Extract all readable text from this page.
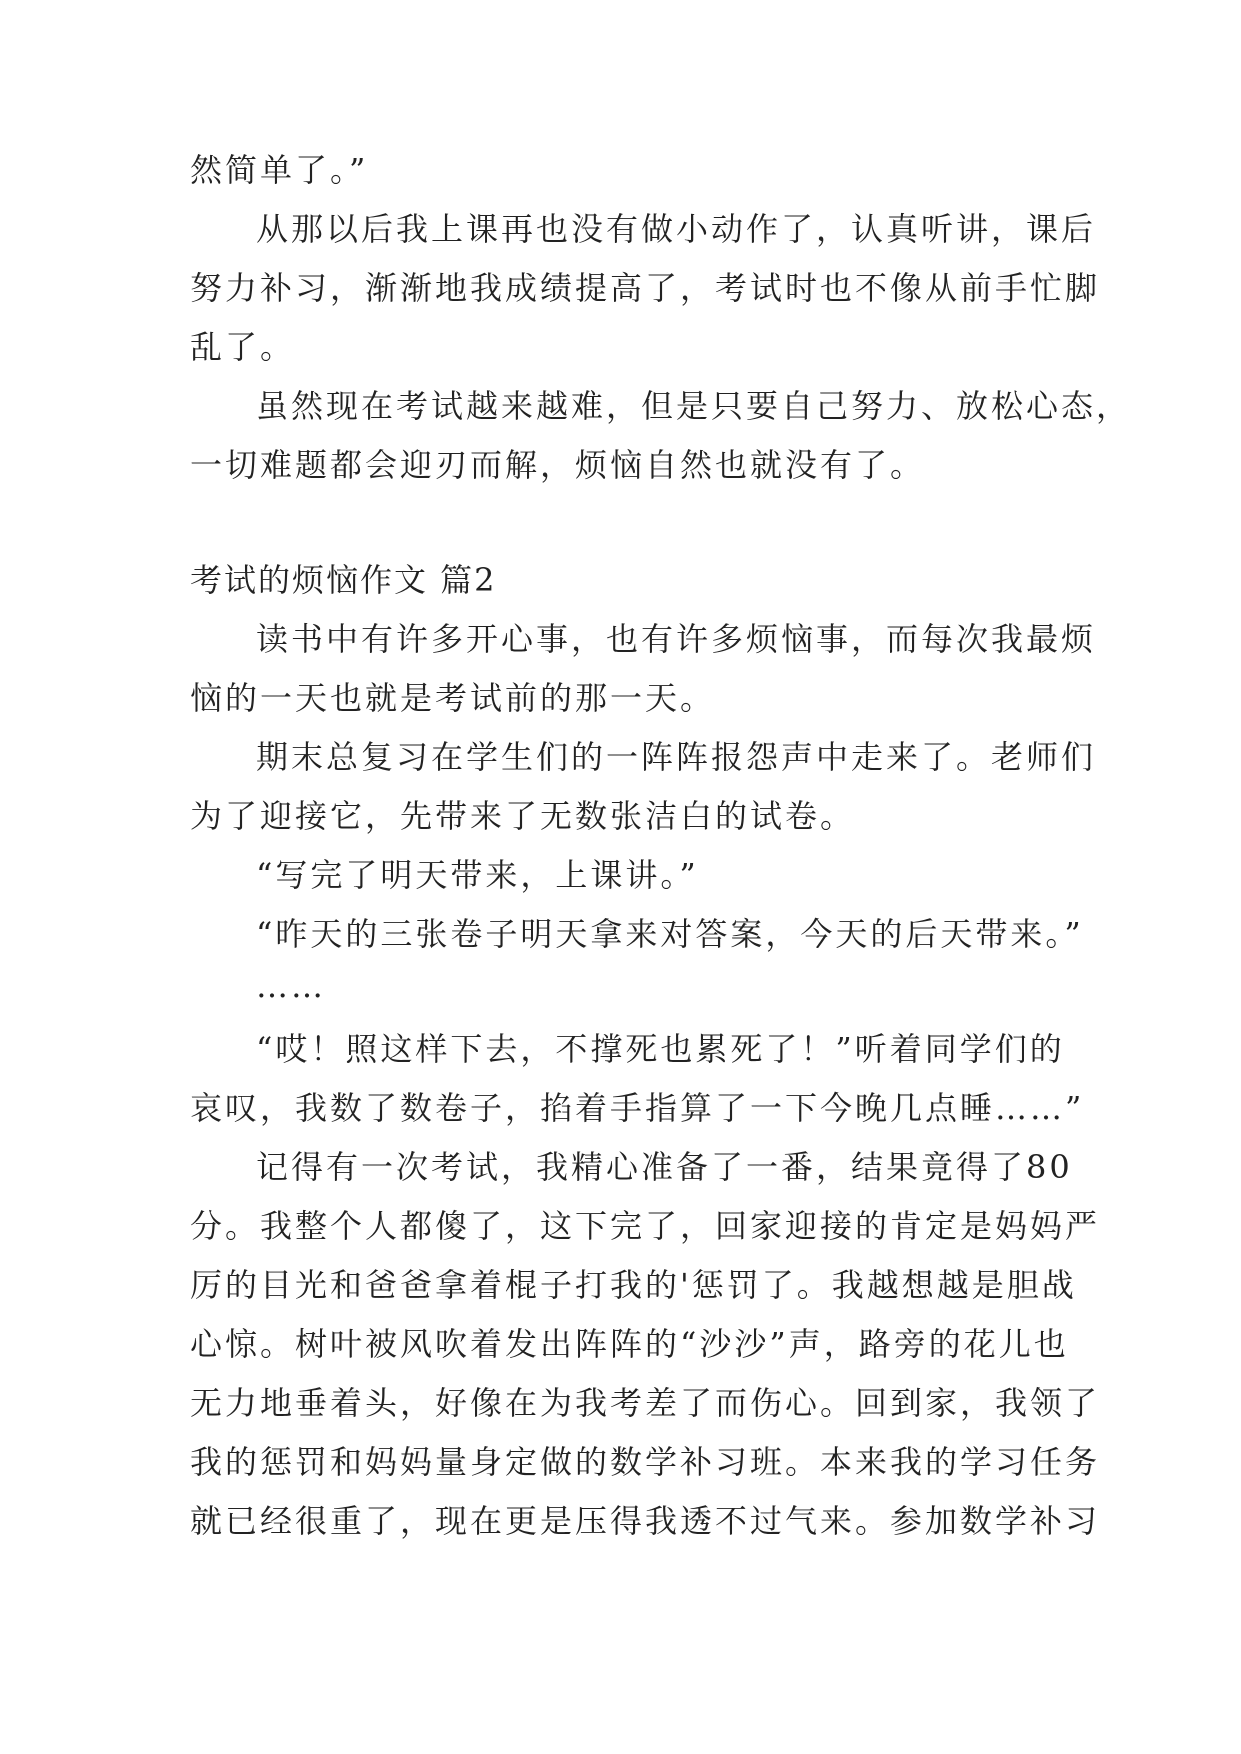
然简单了。”
从那以后我上课再也没有做小动作了，认真听讲，课后
努力补习，渐渐地我成绩提高了，考试时也不像从前手忙脚
乱了。
虽然现在考试越来越难，但是只要自己努力、放松心态，
一切难题都会迎刃而解，烦恼自然也就没有了。
考试的烦恼作文 篇2
读书中有许多开心事，也有许多烦恼事，而每次我最烦
恼的一天也就是考试前的那一天。
期末总复习在学生们的一阵阵报怨声中走来了。老师们
为了迎接它，先带来了无数张洁白的试卷。
“写完了明天带来，上课讲。”
“昨天的三张卷子明天拿来对答案，今天的后天带来。”
……
“哎！照这样下去，不撑死也累死了！”听着同学们的
哀叹，我数了数卷子，掐着手指算了一下今晚几点睡……”
记得有一次考试，我精心准备了一番，结果竟得了80
分。我整个人都傻了，这下完了，回家迎接的肯定是妈妈严
厉的目光和爸爸拿着棍子打我的'惩罚了。我越想越是胆战
心惊。树叶被风吹着发出阵阵的“沙沙”声，路旁的花儿也
无力地垂着头，好像在为我考差了而伤心。回到家，我领了
我的惩罚和妈妈量身定做的数学补习班。本来我的学习任务
就已经很重了，现在更是压得我透不过气来。参加数学补习
